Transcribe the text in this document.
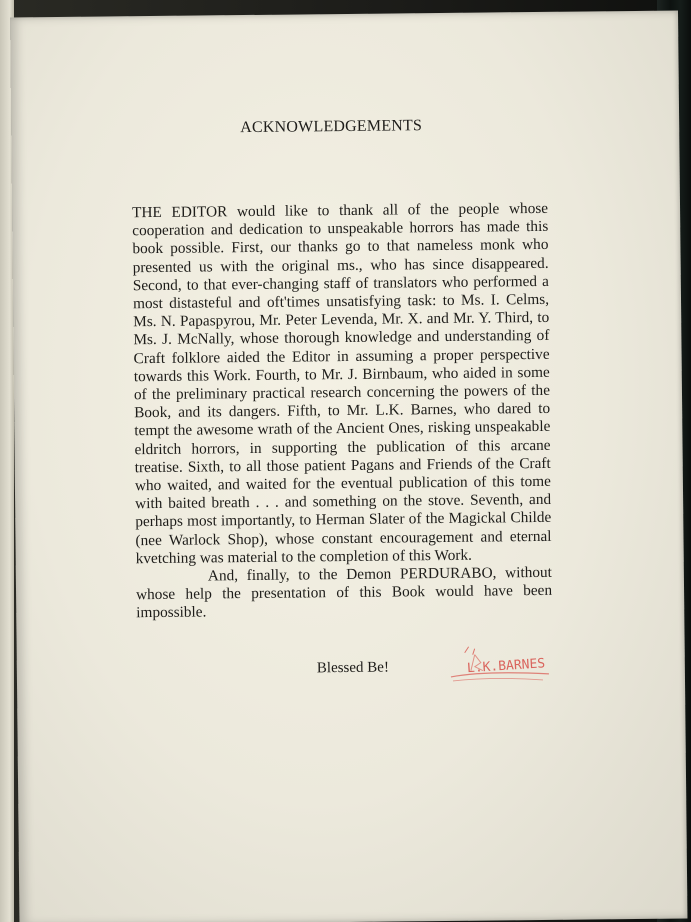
ACKNOWLEDGEMENTS

THE EDITOR would like to thank all of the people whose cooperation and dedication to unspeakable horrors has made this book possible. First, our thanks go to that nameless monk who presented us with the original ms., who has since disappeared. Second, to that ever-changing staff of translators who performed a most distasteful and oft'times unsatisfying task: to Ms. I. Celms, Ms. N. Papaspyrou, Mr. Peter Levenda, Mr. X. and Mr. Y. Third, to Ms. J. McNally, whose thorough knowledge and understanding of Craft folklore aided the Editor in assuming a proper perspective towards this Work. Fourth, to Mr. J. Birnbaum, who aided in some of the preliminary practical research concerning the powers of the Book, and its dangers. Fifth, to Mr. L.K. Barnes, who dared to tempt the awesome wrath of the Ancient Ones, risking unspeakable eldritch horrors, in supporting the publication of this arcane treatise. Sixth, to all those patient Pagans and Friends of the Craft who waited, and waited for the eventual publication of this tome with baited breath . . . and something on the stove. Seventh, and perhaps most importantly, to Herman Slater of the Magickal Childe (nee Warlock Shop), whose constant encouragement and eternal kvetching was material to the completion of this Work.

And, finally, to the Demon PERDURABO, without whose help the presentation of this Book would have been impossible.

Blessed Be!	L.K.BARNES
